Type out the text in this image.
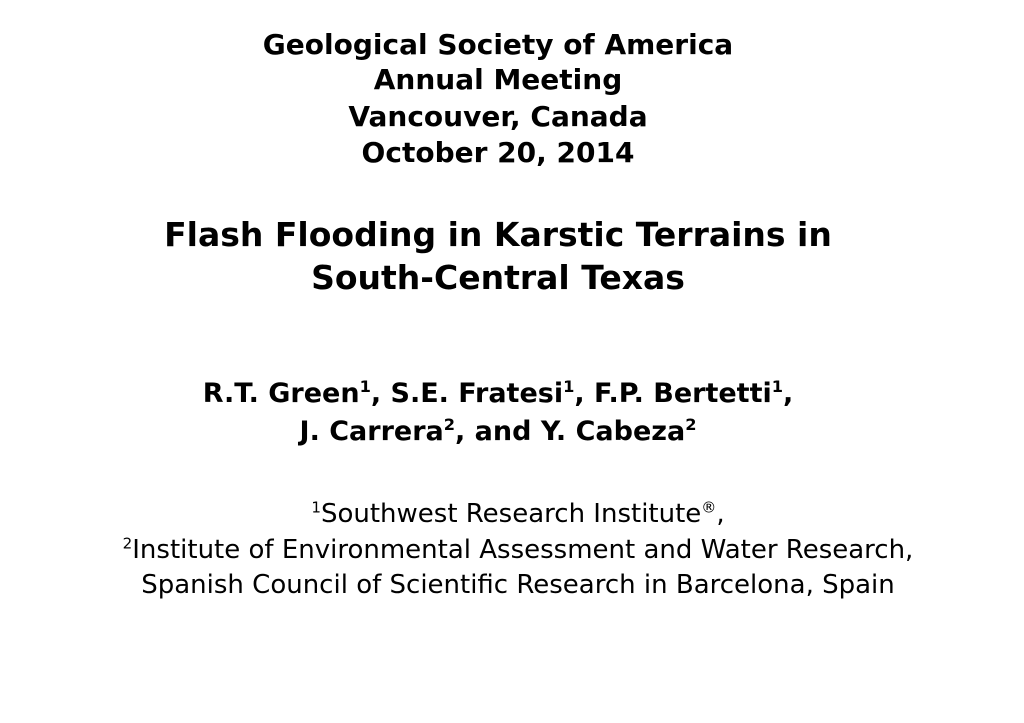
Geological Society of America
Annual Meeting
Vancouver, Canada
October 20, 2014
Flash Flooding in Karstic Terrains in
South-Central Texas
R.T. Green$^1$, S.E. Fratesi$^1$, F.P. Bertetti$^1$,
J. Carrera$^2$, and Y. Cabeza$^2$
$^1$Southwest Research Institute®,
$^2$Institute of Environmental Assessment and Water Research,
Spanish Council of Scientific Research in Barcelona, Spain
